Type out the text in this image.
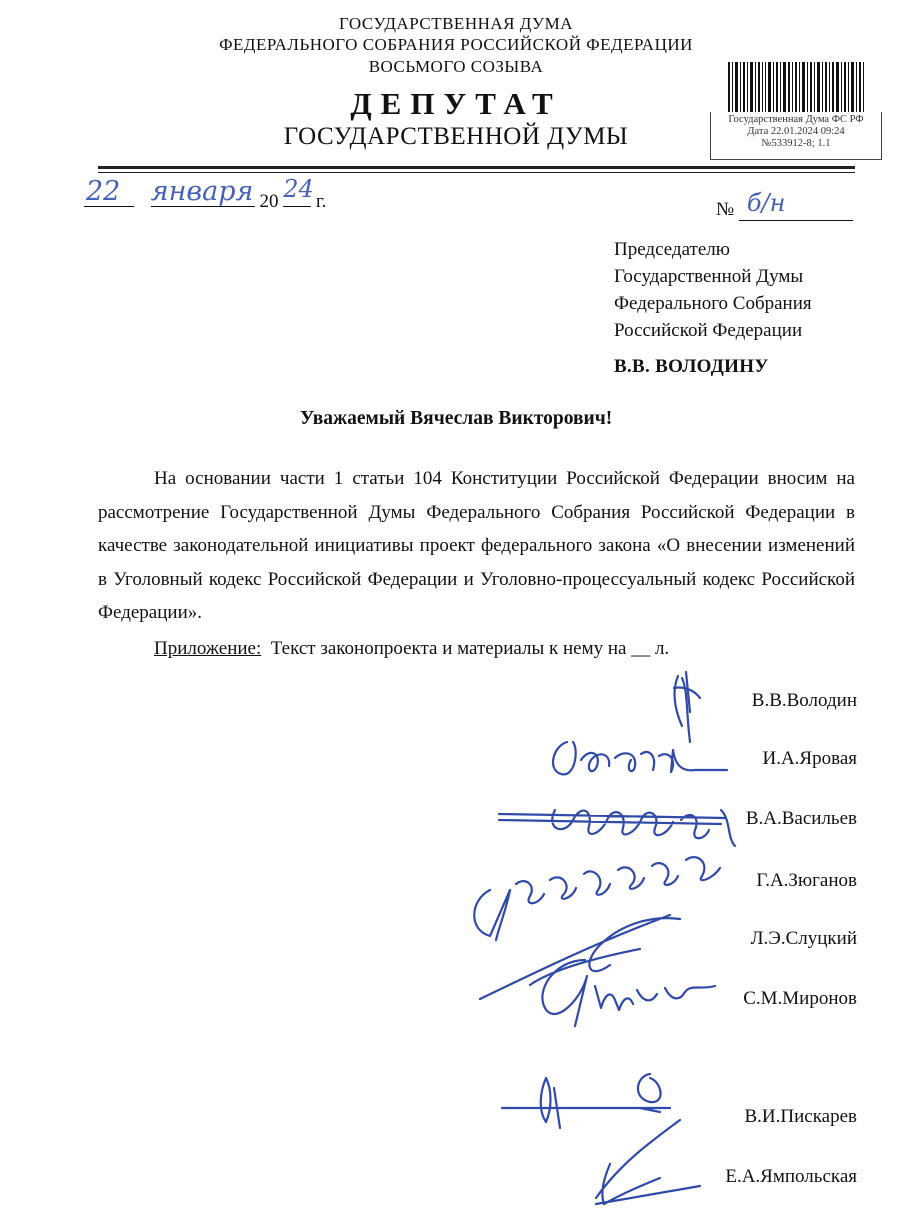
ГОСУДАРСТВЕННАЯ ДУМА
ФЕДЕРАЛЬНОГО СОБРАНИЯ РОССИЙСКОЙ ФЕДЕРАЦИИ
ВОСЬМОГО СОЗЫВА
ДЕПУТАТ
ГОСУДАРСТВЕННОЙ ДУМЫ
Государственная Дума ФС РФ
Дата 22.01.2024 09:24
№533912-8; 1.1
22
января 20 24 г.	№ б/н
Председателю
Государственной Думы
Федерального Собрания
Российской Федерации
В.В. ВОЛОДИНУ
Уважаемый Вячеслав Викторович!
На основании части 1 статьи 104 Конституции Российской Федерации вносим на рассмотрение Государственной Думы Федерального Собрания Российской Федерации в качестве законодательной инициативы проект федерального закона «О внесении изменений в Уголовный кодекс Российской Федерации и Уголовно-процессуальный кодекс Российской Федерации».
Приложение: Текст законопроекта и материалы к нему на __ л.
В.В.Володин
И.А.Яровая
В.А.Васильев
Г.А.Зюганов
Л.Э.Слуцкий
С.М.Миронов
В.И.Пискарев
Е.А.Ямпольская
